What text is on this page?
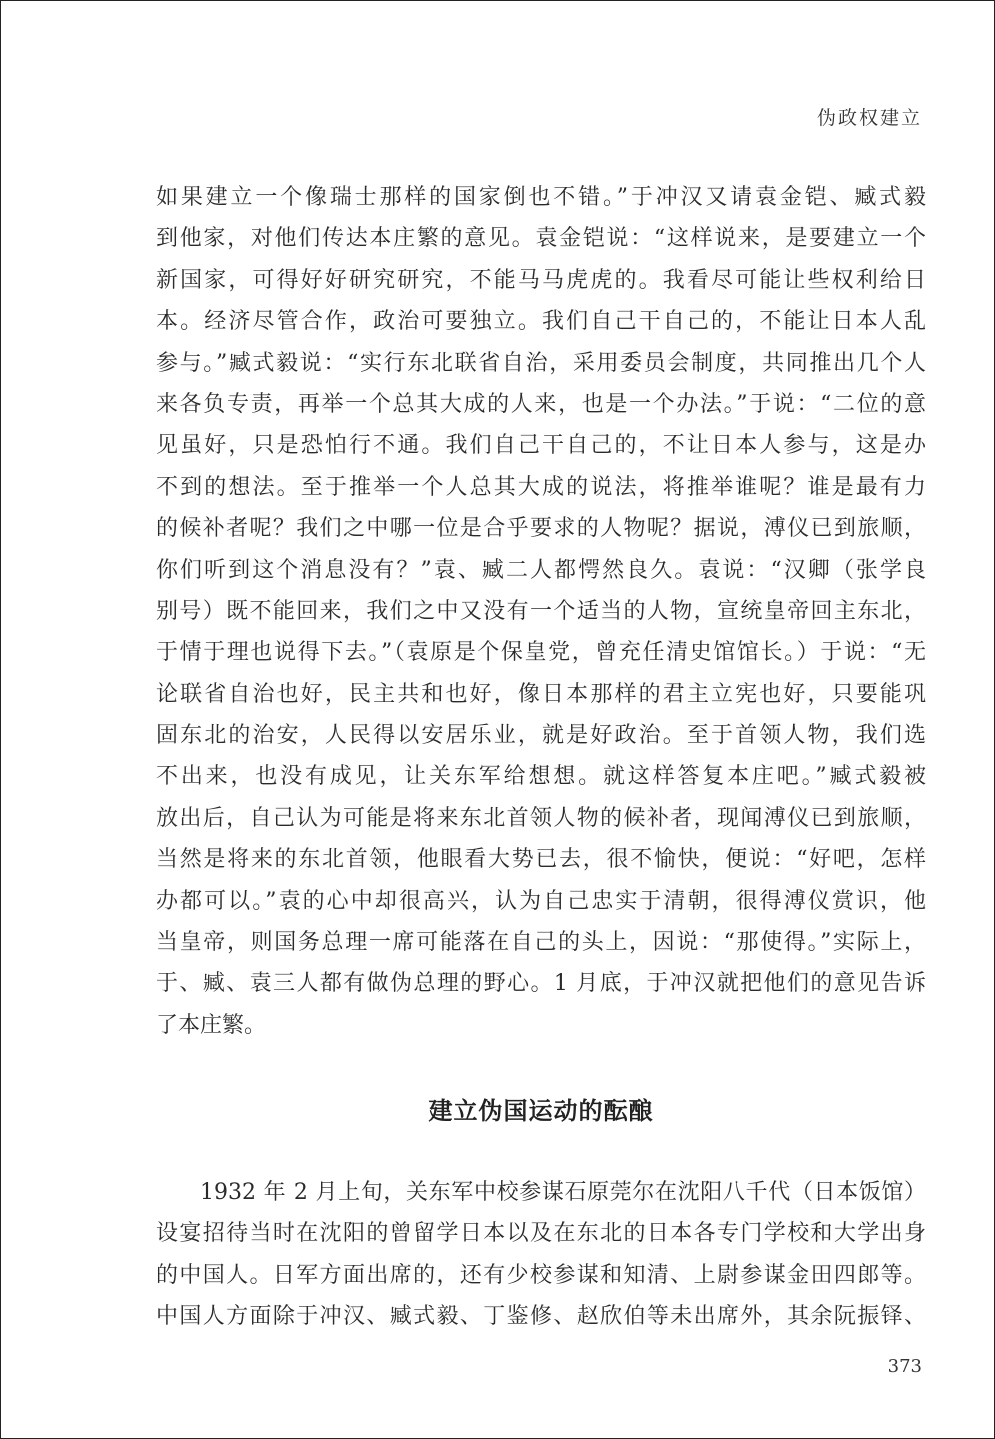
伪政权建立
如果建立一个像瑞士那样的国家倒也不错。”于冲汉又请袁金铠、臧式毅
到他家，对他们传达本庄繁的意见。袁金铠说：“这样说来，是要建立一个
新国家，可得好好研究研究，不能马马虎虎的。我看尽可能让些权利给日
本。经济尽管合作，政治可要独立。我们自己干自己的，不能让日本人乱
参与。”臧式毅说：“实行东北联省自治，采用委员会制度，共同推出几个人
来各负专责，再举一个总其大成的人来，也是一个办法。”于说：“二位的意
见虽好，只是恐怕行不通。我们自己干自己的，不让日本人参与，这是办
不到的想法。至于推举一个人总其大成的说法，将推举谁呢？谁是最有力
的候补者呢？我们之中哪一位是合乎要求的人物呢？据说，溥仪已到旅顺，
你们听到这个消息没有？”袁、臧二人都愕然良久。袁说：“汉卿（张学良
别号）既不能回来，我们之中又没有一个适当的人物，宣统皇帝回主东北，
于情于理也说得下去。”（袁原是个保皇党，曾充任清史馆馆长。）于说：“无
论联省自治也好，民主共和也好，像日本那样的君主立宪也好，只要能巩
固东北的治安，人民得以安居乐业，就是好政治。至于首领人物，我们选
不出来，也没有成见，让关东军给想想。就这样答复本庄吧。”臧式毅被
放出后，自己认为可能是将来东北首领人物的候补者，现闻溥仪已到旅顺，
当然是将来的东北首领，他眼看大势已去，很不愉快，便说：“好吧，怎样
办都可以。”袁的心中却很高兴，认为自己忠实于清朝，很得溥仪赏识，他
当皇帝，则国务总理一席可能落在自己的头上，因说：“那使得。”实际上，
于、臧、袁三人都有做伪总理的野心。1 月底，于冲汉就把他们的意见告诉
了本庄繁。
建立伪国运动的酝酿
1932 年 2 月上旬，关东军中校参谋石原莞尔在沈阳八千代（日本饭馆）
设宴招待当时在沈阳的曾留学日本以及在东北的日本各专门学校和大学出身
的中国人。日军方面出席的，还有少校参谋和知清、上尉参谋金田四郎等。
中国人方面除于冲汉、臧式毅、丁鉴修、赵欣伯等未出席外，其余阮振铎、
373
